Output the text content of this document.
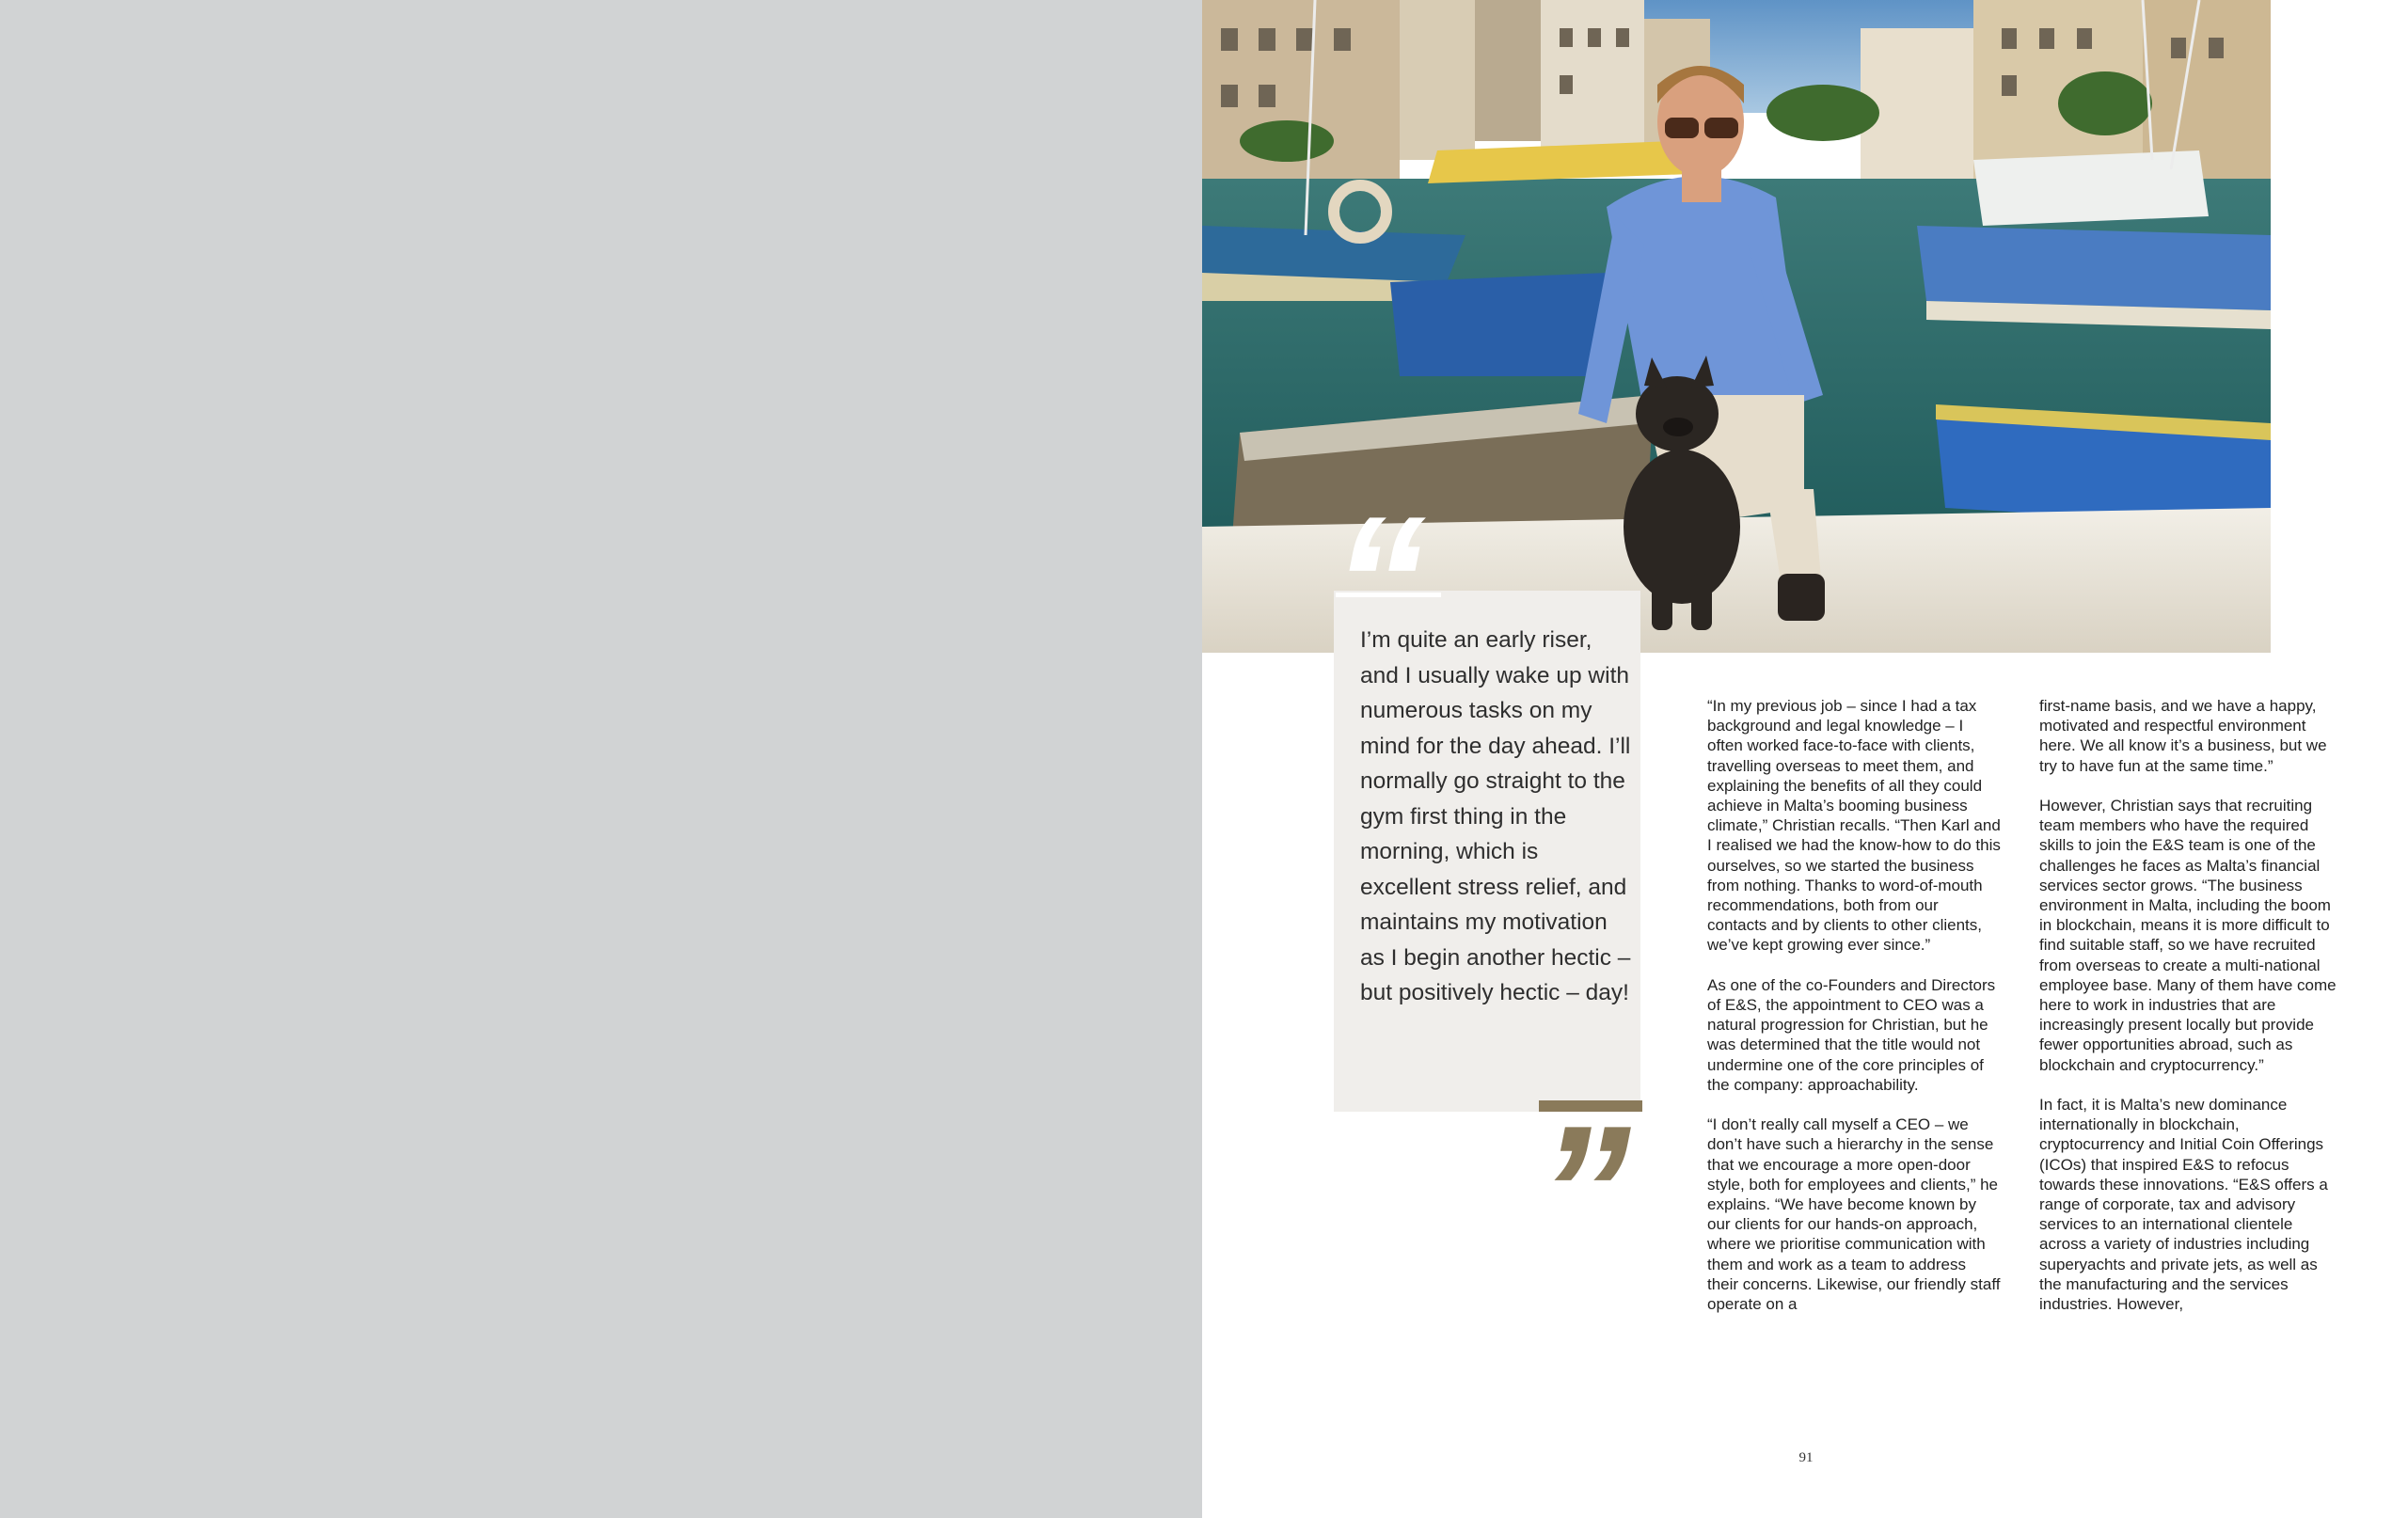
“

I’m quite an early riser, and I usually wake up with numerous tasks on my mind for the day ahead. I’ll normally go straight to the gym first thing in the morning, which is excellent stress relief, and maintains my motivation as I begin another hectic – but positively hectic – day!

”

“In my previous job – since I had a tax background and legal knowledge – I often worked face-to-face with clients, travelling overseas to meet them, and explaining the benefits of all they could achieve in Malta’s booming business climate,” Christian recalls. “Then Karl and I realised we had the know-how to do this ourselves, so we started the business from nothing. Thanks to word-of-mouth recommendations, both from our contacts and by clients to other clients, we’ve kept growing ever since.”

As one of the co-Founders and Directors of E&S, the appointment to CEO was a natural progression for Christian, but he was determined that the title would not undermine one of the core principles of the company: approachability.

“I don’t really call myself a CEO – we don’t have such a hierarchy in the sense that we encourage a more open-door style, both for employees and clients,” he explains. “We have become known by our clients for our hands-on approach, where we prioritise communication with them and work as a team to address their concerns. Likewise, our friendly staff operate on a

first-name basis, and we have a happy, motivated and respectful environment here. We all know it’s a business, but we try to have fun at the same time.”

However, Christian says that recruiting team members who have the required skills to join the E&S team is one of the challenges he faces as Malta’s financial services sector grows. “The business environment in Malta, including the boom in blockchain, means it is more difficult to find suitable staff, so we have recruited from overseas to create a multi-national employee base. Many of them have come here to work in industries that are increasingly present locally but provide fewer opportunities abroad, such as blockchain and cryptocurrency.”

In fact, it is Malta’s new dominance internationally in blockchain, cryptocurrency and Initial Coin Offerings (ICOs) that inspired E&S to refocus towards these innovations. “E&S offers a range of corporate, tax and advisory services to an international clientele across a variety of industries including superyachts and private jets, as well as the manufacturing and the services industries. However,

91
